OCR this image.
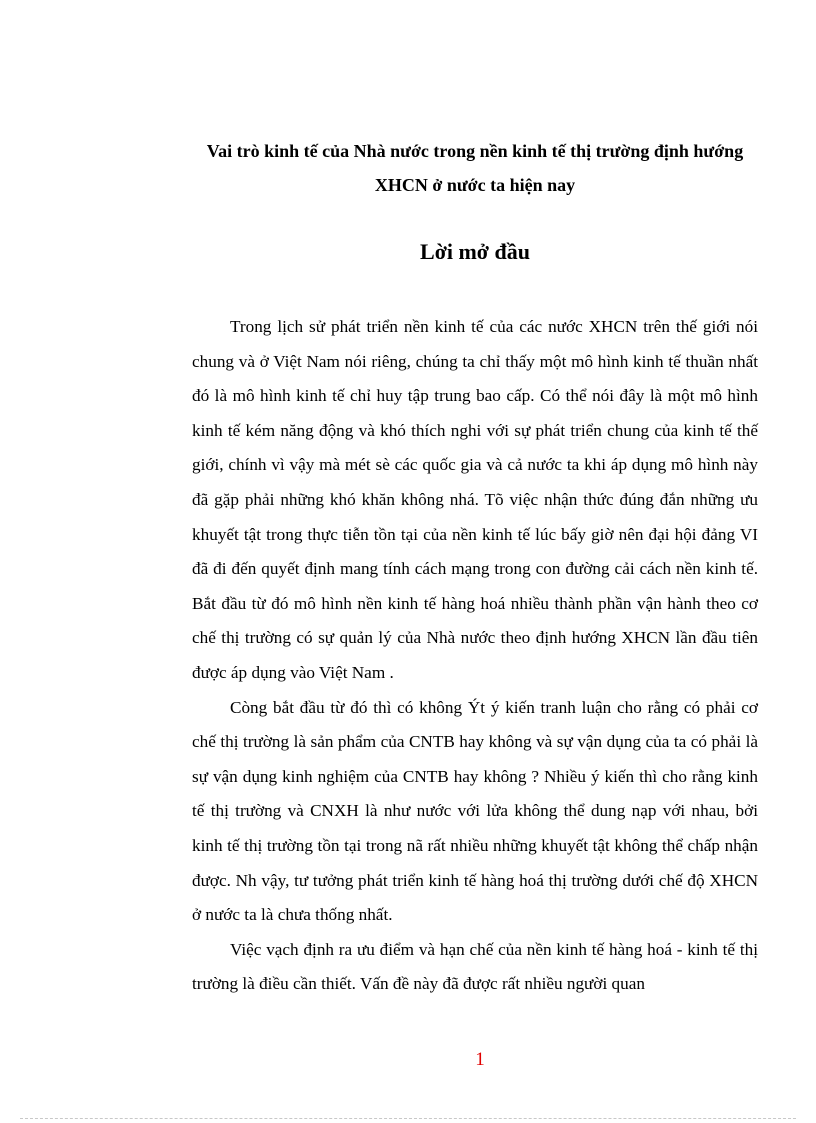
Vai trò kinh tế của Nhà nước trong nền kinh tế thị trường định hướng
XHCN ở nước ta hiện nay
Lời mở đầu

Trong lịch sử phát triển nền kinh tế của các nước XHCN trên thế giới nói chung và ở Việt Nam nói riêng, chúng ta chỉ thấy một mô hình kinh tế thuần nhất đó là mô hình kinh tế chỉ huy tập trung bao cấp. Có thể nói đây là một mô hình kinh tế kém năng động và khó thích nghi với sự phát triển chung của kinh tế thế giới, chính vì vậy mà mét sè các quốc gia và cả nước ta khi áp dụng mô hình này đã gặp phải những khó khăn không nhá. Tõ việc nhận thức đúng đắn những ưu khuyết tật trong thực tiễn tồn tại của nền kinh tế lúc bấy giờ nên đại hội đảng VI đã đi đến quyết định mang tính cách mạng trong con đường cải cách nền kinh tế. Bắt đầu từ đó mô hình nền kinh tế hàng hoá nhiều thành phần vận hành theo cơ chế thị trường có sự quản lý của Nhà nước theo định hướng XHCN lần đầu tiên được áp dụng vào Việt Nam .

Còng bắt đầu từ đó thì có không Ýt ý kiến tranh luận cho rằng có phải cơ chế thị trường là sản phẩm của CNTB hay không và sự vận dụng của ta có phải là sự vận dụng kinh nghiệm của CNTB hay không ? Nhiều ý kiến thì cho rằng kinh tế thị trường và CNXH là như nước với lửa không thể dung nạp với nhau, bởi kinh tế thị trường tồn tại trong nã rất nhiều những khuyết tật không thể chấp nhận được. Nh vậy, tư tưởng phát triển kinh tế hàng hoá thị trường dưới chế độ XHCN ở nước ta là chưa thống nhất.

Việc vạch định ra ưu điểm và hạn chế của nền kinh tế hàng hoá - kinh tế thị trường là điều cần thiết. Vấn đề này đã được rất nhiều người quan

1
